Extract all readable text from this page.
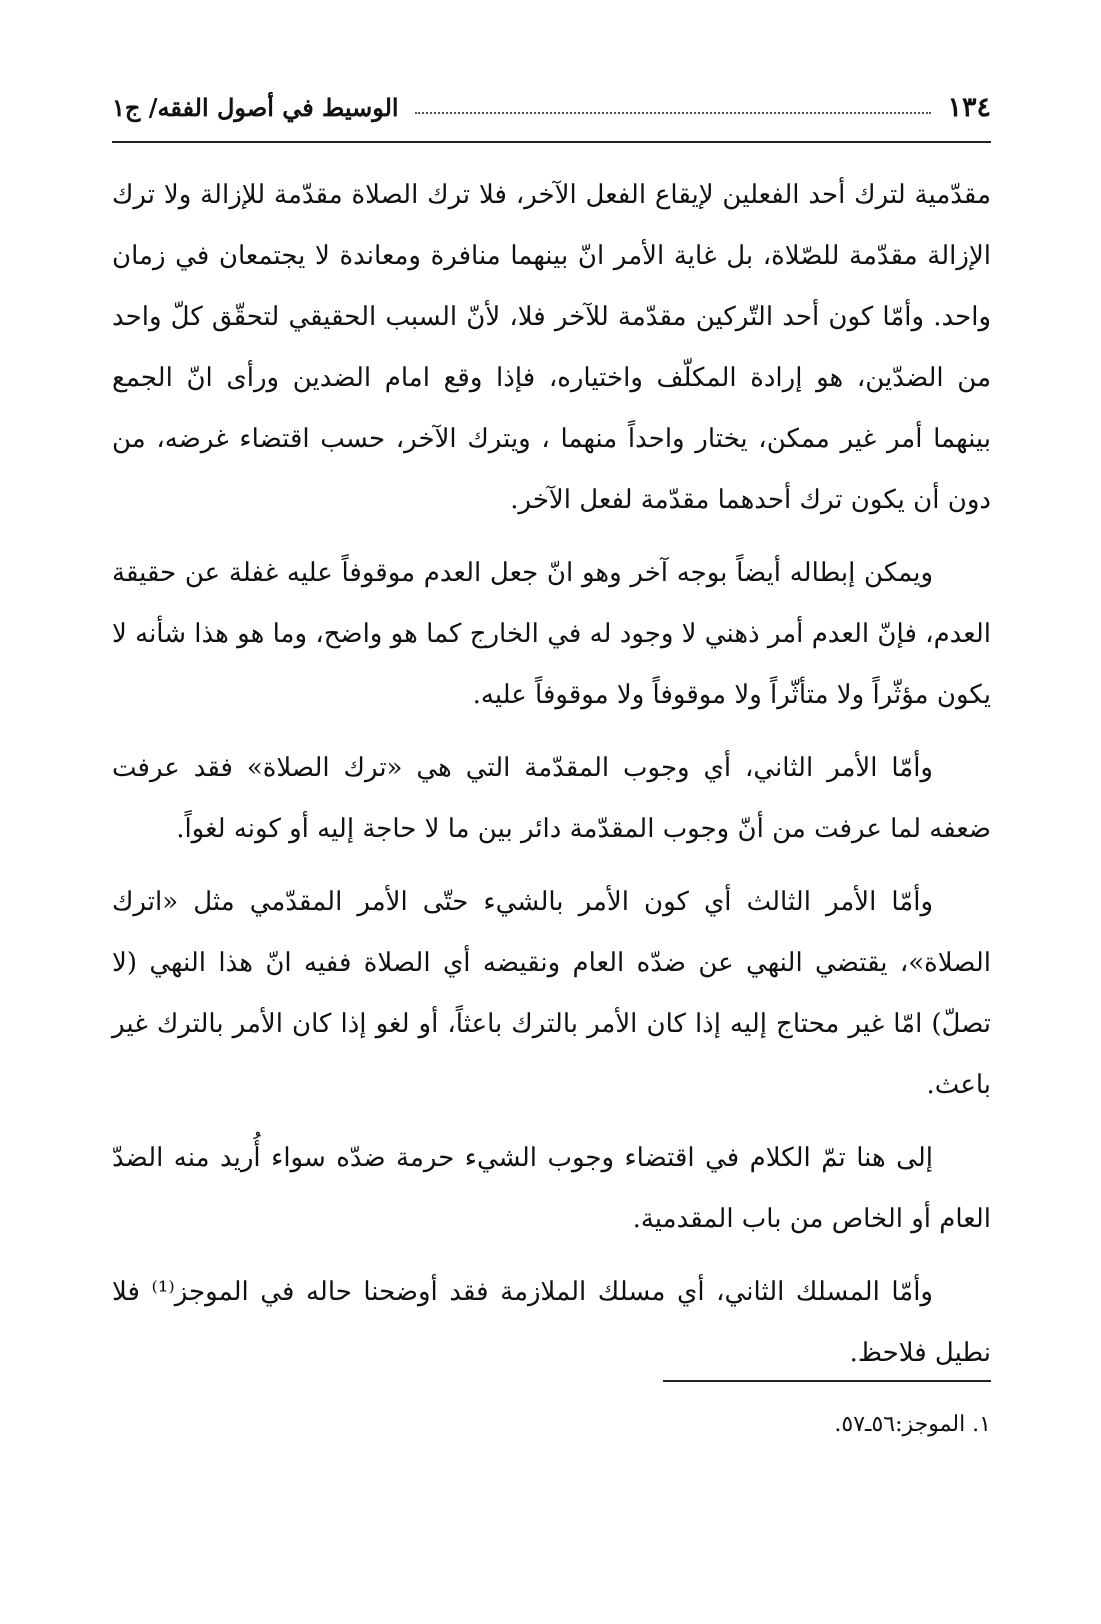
١٣٤
الوسيط في أصول الفقه/ ج١

مقدّمية لترك أحد الفعلين لإيقاع الفعل الآخر، فلا ترك الصلاة مقدّمة للإزالة ولا ترك الإزالة مقدّمة للصّلاة، بل غاية الأمر انّ بينهما منافرة ومعاندة لا يجتمعان في زمان واحد. وأمّا كون أحد التّركين مقدّمة للآخر فلا، لأنّ السبب الحقيقي لتحقّق كلّ واحد من الضدّين، هو إرادة المكلّف واختياره، فإذا وقع امام الضدين ورأى انّ الجمع بينهما أمر غير ممكن، يختار واحداً منهما ، ويترك الآخر، حسب اقتضاء غرضه، من دون أن يكون ترك أحدهما مقدّمة لفعل الآخر.

ويمكن إبطاله أيضاً بوجه آخر وهو انّ جعل العدم موقوفاً عليه غفلة عن حقيقة العدم، فإنّ العدم أمر ذهني لا وجود له في الخارج كما هو واضح، وما هو هذا شأنه لا يكون مؤثّراً ولا متأثّراً ولا موقوفاً ولا موقوفاً عليه.

وأمّا الأمر الثاني، أي وجوب المقدّمة التي هي «ترك الصلاة» فقد عرفت ضعفه لما عرفت من أنّ وجوب المقدّمة دائر بين ما لا حاجة إليه أو كونه لغواً.

وأمّا الأمر الثالث أي كون الأمر بالشيء حتّى الأمر المقدّمي مثل «اترك الصلاة»، يقتضي النهي عن ضدّه العام ونقيضه أي الصلاة ففيه انّ هذا النهي (لا تصلّ) امّا غير محتاج إليه إذا كان الأمر بالترك باعثاً، أو لغو إذا كان الأمر بالترك غير باعث.

إلى هنا تمّ الكلام في اقتضاء وجوب الشيء حرمة ضدّه سواء أُريد منه الضدّ العام أو الخاص من باب المقدمية.

وأمّا المسلك الثاني، أي مسلك الملازمة فقد أوضحنا حاله في الموجز⁽¹⁾ فلا نطيل فلاحظ.

١. الموجز:٥٦ـ٥٧.
